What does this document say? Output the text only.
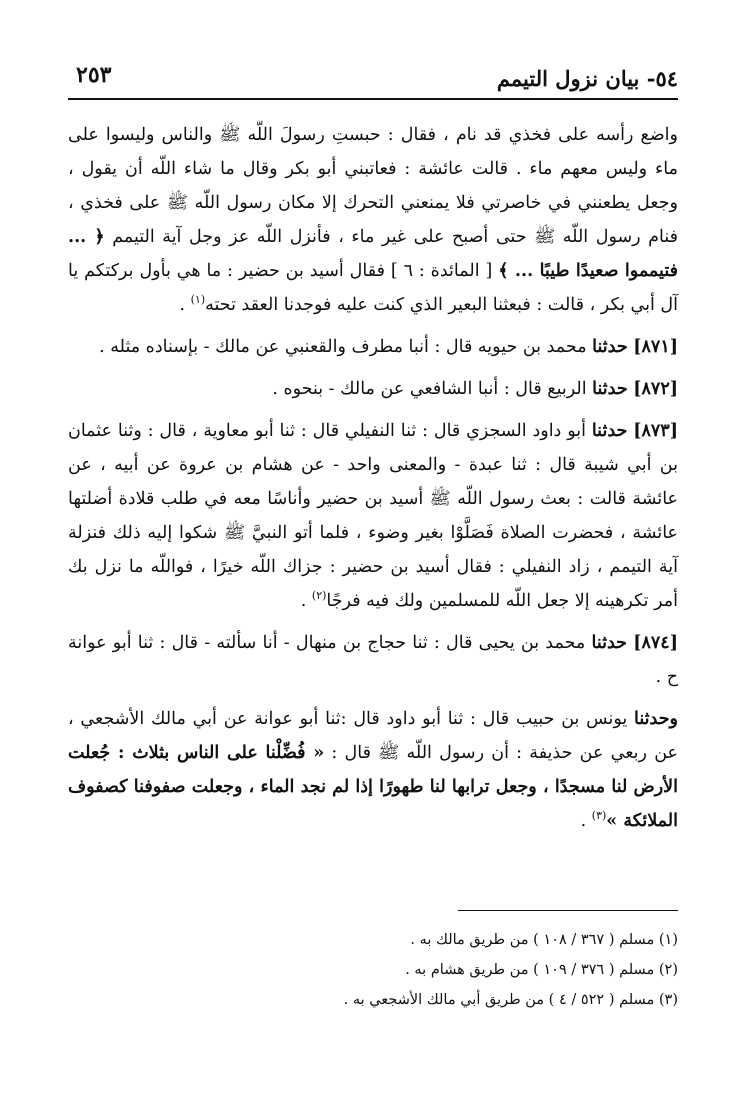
٥٤- بيان نزول التيمم
٢٥٣

واضع رأسه على فخذي قد نام ، فقال : حبستِ رسولَ اللّه ﷺ والناس وليسوا على ماء وليس معهم ماء . قالت عائشة : فعاتبني أبو بكر وقال ما شاء اللّه أن يقول ، وجعل يطعنني في خاصرتي فلا يمنعني التحرك إلا مكان رسول اللّه ﷺ على فخذي ، فنام رسول اللّه ﷺ حتى أصبح على غير ماء ، فأنزل اللّه عز وجل آية التيمم ﴿ ... فتيمموا صعيدًا طيبًا ... ﴾ [ المائدة : ٦ ] فقال أسيد بن حضير : ما هي بأول بركتكم يا آل أبي بكر ، قالت : فبعثنا البعير الذي كنت عليه فوجدنا العقد تحته$^{(١)}$ .

[٨٧١] حدثنا محمد بن حيويه قال : أنبا مطرف والقعنبي عن مالك - بإسناده مثله .

[٨٧٢] حدثنا الربيع قال : أنبا الشافعي عن مالك - بنحوه .

[٨٧٣] حدثنا أبو داود السجزي قال : ثنا النفيلي قال : ثنا أبو معاوية ، قال : وثنا عثمان بن أبي شيبة قال : ثنا عبدة - والمعنى واحد - عن هشام بن عروة عن أبيه ، عن عائشة قالت : بعث رسول اللّه ﷺ أسيد بن حضير وأناسًا معه في طلب قلادة أضلتها عائشة ، فحضرت الصلاة فَصَلَّوْا بغير وضوء ، فلما أتو النبيَّ ﷺ شكوا إليه ذلك فنزلة آية التيمم ، زاد النفيلي : فقال أسيد بن حضير : جزاك اللّه خيرًا ، فواللّه ما نزل بك أمر تكرهينه إلا جعل اللّه للمسلمين ولك فيه فرجًا$^{(٢)}$ .

[٨٧٤] حدثنا محمد بن يحيى قال : ثنا حجاج بن منهال - أنا سألته - قال : ثنا أبو عوانة ح .

وحدثنا يونس بن حبيب قال : ثنا أبو داود قال :ثنا أبو عوانة عن أبي مالك الأشجعي ، عن ربعي عن حذيفة : أن رسول اللّه ﷺ قال : « فُضِّلْنا على الناس بثلاث : جُعلت الأرض لنا مسجدًا ، وجعل ترابها لنا طهورًا إذا لم نجد الماء ، وجعلت صفوفنا كصفوف الملائكة »$^{(٣)}$ .

(١) مسلم ( ٣٦٧ / ١٠٨ ) من طريق مالك به .

(٢) مسلم ( ٣٧٦ / ١٠٩ ) من طريق هشام به .

(٣) مسلم ( ٥٢٢ / ٤ ) من طريق أبي مالك الأشجعي به .
